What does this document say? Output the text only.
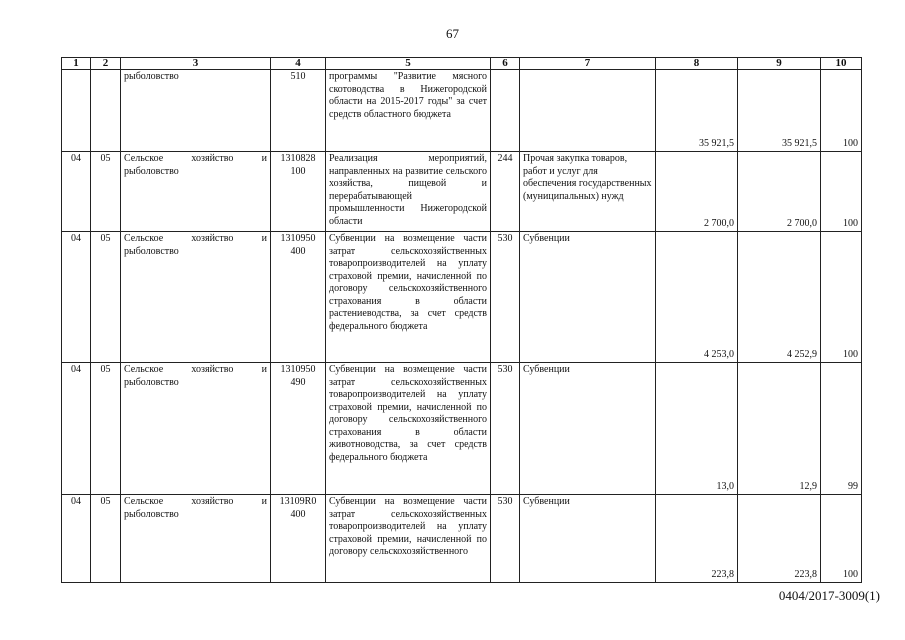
67
1	2	3	4	5	6	7	8	9	10
		рыболовство	510	программы "Развитие мясного скотоводства в Нижегородской области на 2015-2017 годы" за счет средств областного бюджета			35 921,5	35 921,5	100
04	05	Сельское хозяйство и рыболовство	1310828 100	Реализация мероприятий, направленных на развитие сельского хозяйства, пищевой и перерабатывающей промышленности Нижегородской области	244	Прочая закупка товаров, работ и услуг для обеспечения государственных (муниципальных) нужд	2 700,0	2 700,0	100
04	05	Сельское хозяйство и рыболовство	1310950 400	Субвенции на возмещение части затрат сельскохозяйственных товаропроизводителей на уплату страховой премии, начисленной по договору сельскохозяйственного страхования в области растениеводства, за счет средств федерального бюджета	530	Субвенции	4 253,0	4 252,9	100
04	05	Сельское хозяйство и рыболовство	1310950 490	Субвенции на возмещение части затрат сельскохозяйственных товаропроизводителей на уплату страховой премии, начисленной по договору сельскохозяйственного страхования в области животноводства, за счет средств федерального бюджета	530	Субвенции	13,0	12,9	99
04	05	Сельское хозяйство и рыболовство	13109R0 400	Субвенции на возмещение части затрат сельскохозяйственных товаропроизводителей на уплату страховой премии, начисленной по договору сельскохозяйственного	530	Субвенции	223,8	223,8	100
0404/2017-3009(1)
